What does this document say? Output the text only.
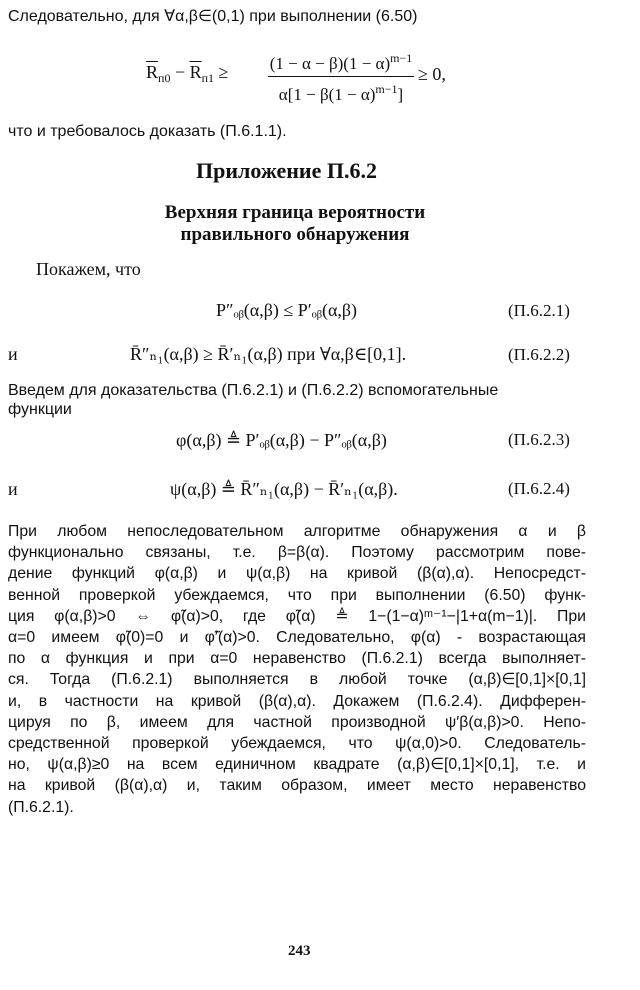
Следовательно, для ∀α,β∈(0,1) при выполнении (6.50)
$\overline{R}_{п0} - \overline{R}_{п1} \ge (1 - \alpha - \beta)(1 - \alpha)^{m-1}$
$\alpha[1 - \beta(1 - \alpha)^{m-1}]$
≥ 0,
что и требовалось доказать (П.6.1.1).
Приложение П.6.2
Верхняя граница вероятности
правильного обнаружения
Покажем, что
P″ₒᵦ(α,β) ≤ P′ₒᵦ(α,β)	(П.6.2.1)
и	R̄″ₙ₁(α,β) ≥ R̄′ₙ₁(α,β) при ∀α,β∈[0,1].	(П.6.2.2)
Введем для доказательства (П.6.2.1) и (П.6.2.2) вспомогательные
функции
φ(α,β) ≜ P′ₒᵦ(α,β) − P″ₒᵦ(α,β)	(П.6.2.3)
и	ψ(α,β) ≜ R̄″ₙ₁(α,β) − R̄′ₙ₁(α,β).	(П.6.2.4)
При любом непоследовательном алгоритме обнаружения α и β
функционально связаны, т.е. β=β(α). Поэтому рассмотрим пове-
дение функций φ(α,β) и ψ(α,β) на кривой (β(α),α). Непосредст-
венной проверкой убеждаемся, что при выполнении (6.50) функ-
ция φ(α,β)>0 ⇔ φ̃(α)>0, где φ̃(α) ≜ 1−(1−α)ᵐ⁻¹−|1+α(m−1)|. При
α=0 имеем φ̃(0)=0 и φ̃′(α)>0. Следовательно, φ(α) - возрастающая
по α функция и при α=0 неравенство (П.6.2.1) всегда выполняет-
ся. Тогда (П.6.2.1) выполняется в любой точке (α,β)∈[0,1]×[0,1]
и, в частности на кривой (β(α),α). Докажем (П.6.2.4). Дифферен-
цируя по β, имеем для частной производной ψ′β(α,β)>0. Непо-
средственной проверкой убеждаемся, что ψ(α,0)>0. Следователь-
но, ψ(α,β)≥0 на всем единичном квадрате (α,β)∈[0,1]×[0,1], т.е. и
на кривой (β(α),α) и, таким образом, имеет место неравенство
(П.6.2.1).
243
